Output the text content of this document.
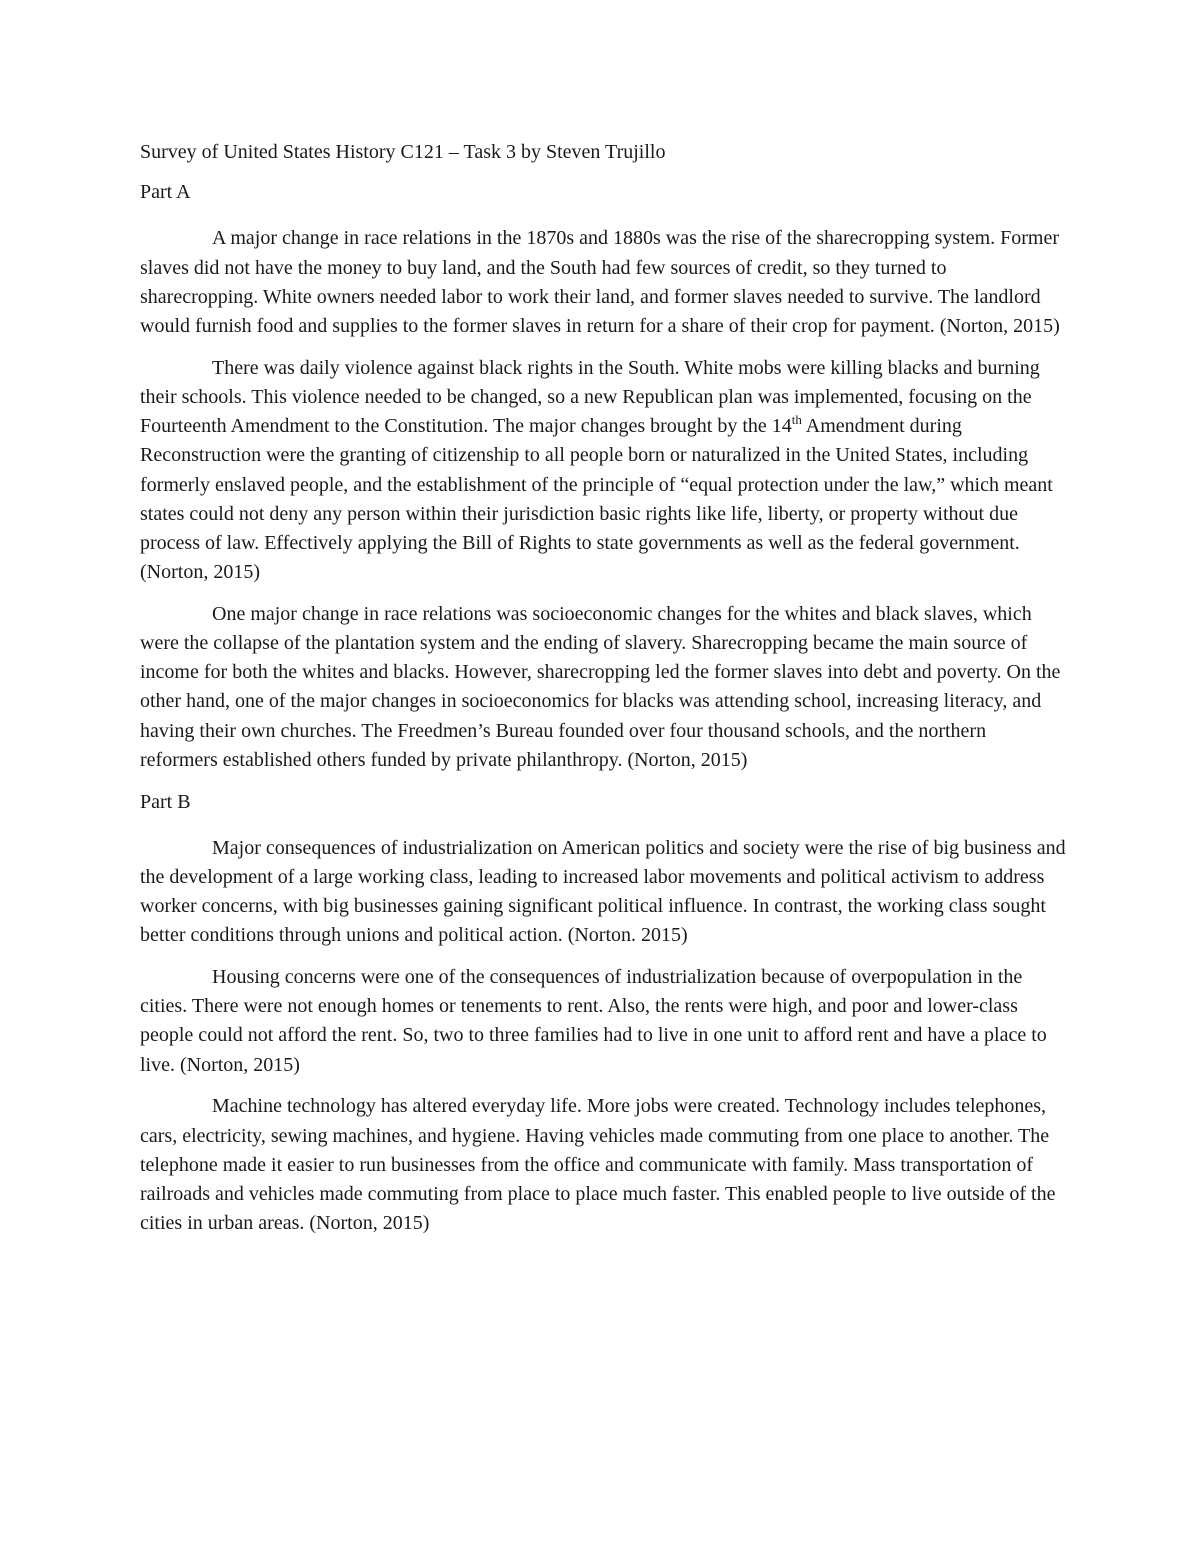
Survey of United States History C121 – Task 3 by Steven Trujillo

Part A

A major change in race relations in the 1870s and 1880s was the rise of the sharecropping system. Former slaves did not have the money to buy land, and the South had few sources of credit, so they turned to sharecropping. White owners needed labor to work their land, and former slaves needed to survive. The landlord would furnish food and supplies to the former slaves in return for a share of their crop for payment. (Norton, 2015)

There was daily violence against black rights in the South. White mobs were killing blacks and burning their schools. This violence needed to be changed, so a new Republican plan was implemented, focusing on the Fourteenth Amendment to the Constitution. The major changes brought by the 14th Amendment during Reconstruction were the granting of citizenship to all people born or naturalized in the United States, including formerly enslaved people, and the establishment of the principle of “equal protection under the law,” which meant states could not deny any person within their jurisdiction basic rights like life, liberty, or property without due process of law. Effectively applying the Bill of Rights to state governments as well as the federal government. (Norton, 2015)

One major change in race relations was socioeconomic changes for the whites and black slaves, which were the collapse of the plantation system and the ending of slavery. Sharecropping became the main source of income for both the whites and blacks. However, sharecropping led the former slaves into debt and poverty. On the other hand, one of the major changes in socioeconomics for blacks was attending school, increasing literacy, and having their own churches. The Freedmen’s Bureau founded over four thousand schools, and the northern reformers established others funded by private philanthropy. (Norton, 2015)

Part B

Major consequences of industrialization on American politics and society were the rise of big business and the development of a large working class, leading to increased labor movements and political activism to address worker concerns, with big businesses gaining significant political influence. In contrast, the working class sought better conditions through unions and political action. (Norton. 2015)

Housing concerns were one of the consequences of industrialization because of overpopulation in the cities. There were not enough homes or tenements to rent. Also, the rents were high, and poor and lower-class people could not afford the rent. So, two to three families had to live in one unit to afford rent and have a place to live. (Norton, 2015)

Machine technology has altered everyday life. More jobs were created. Technology includes telephones, cars, electricity, sewing machines, and hygiene. Having vehicles made commuting from one place to another. The telephone made it easier to run businesses from the office and communicate with family. Mass transportation of railroads and vehicles made commuting from place to place much faster. This enabled people to live outside of the cities in urban areas. (Norton, 2015)
